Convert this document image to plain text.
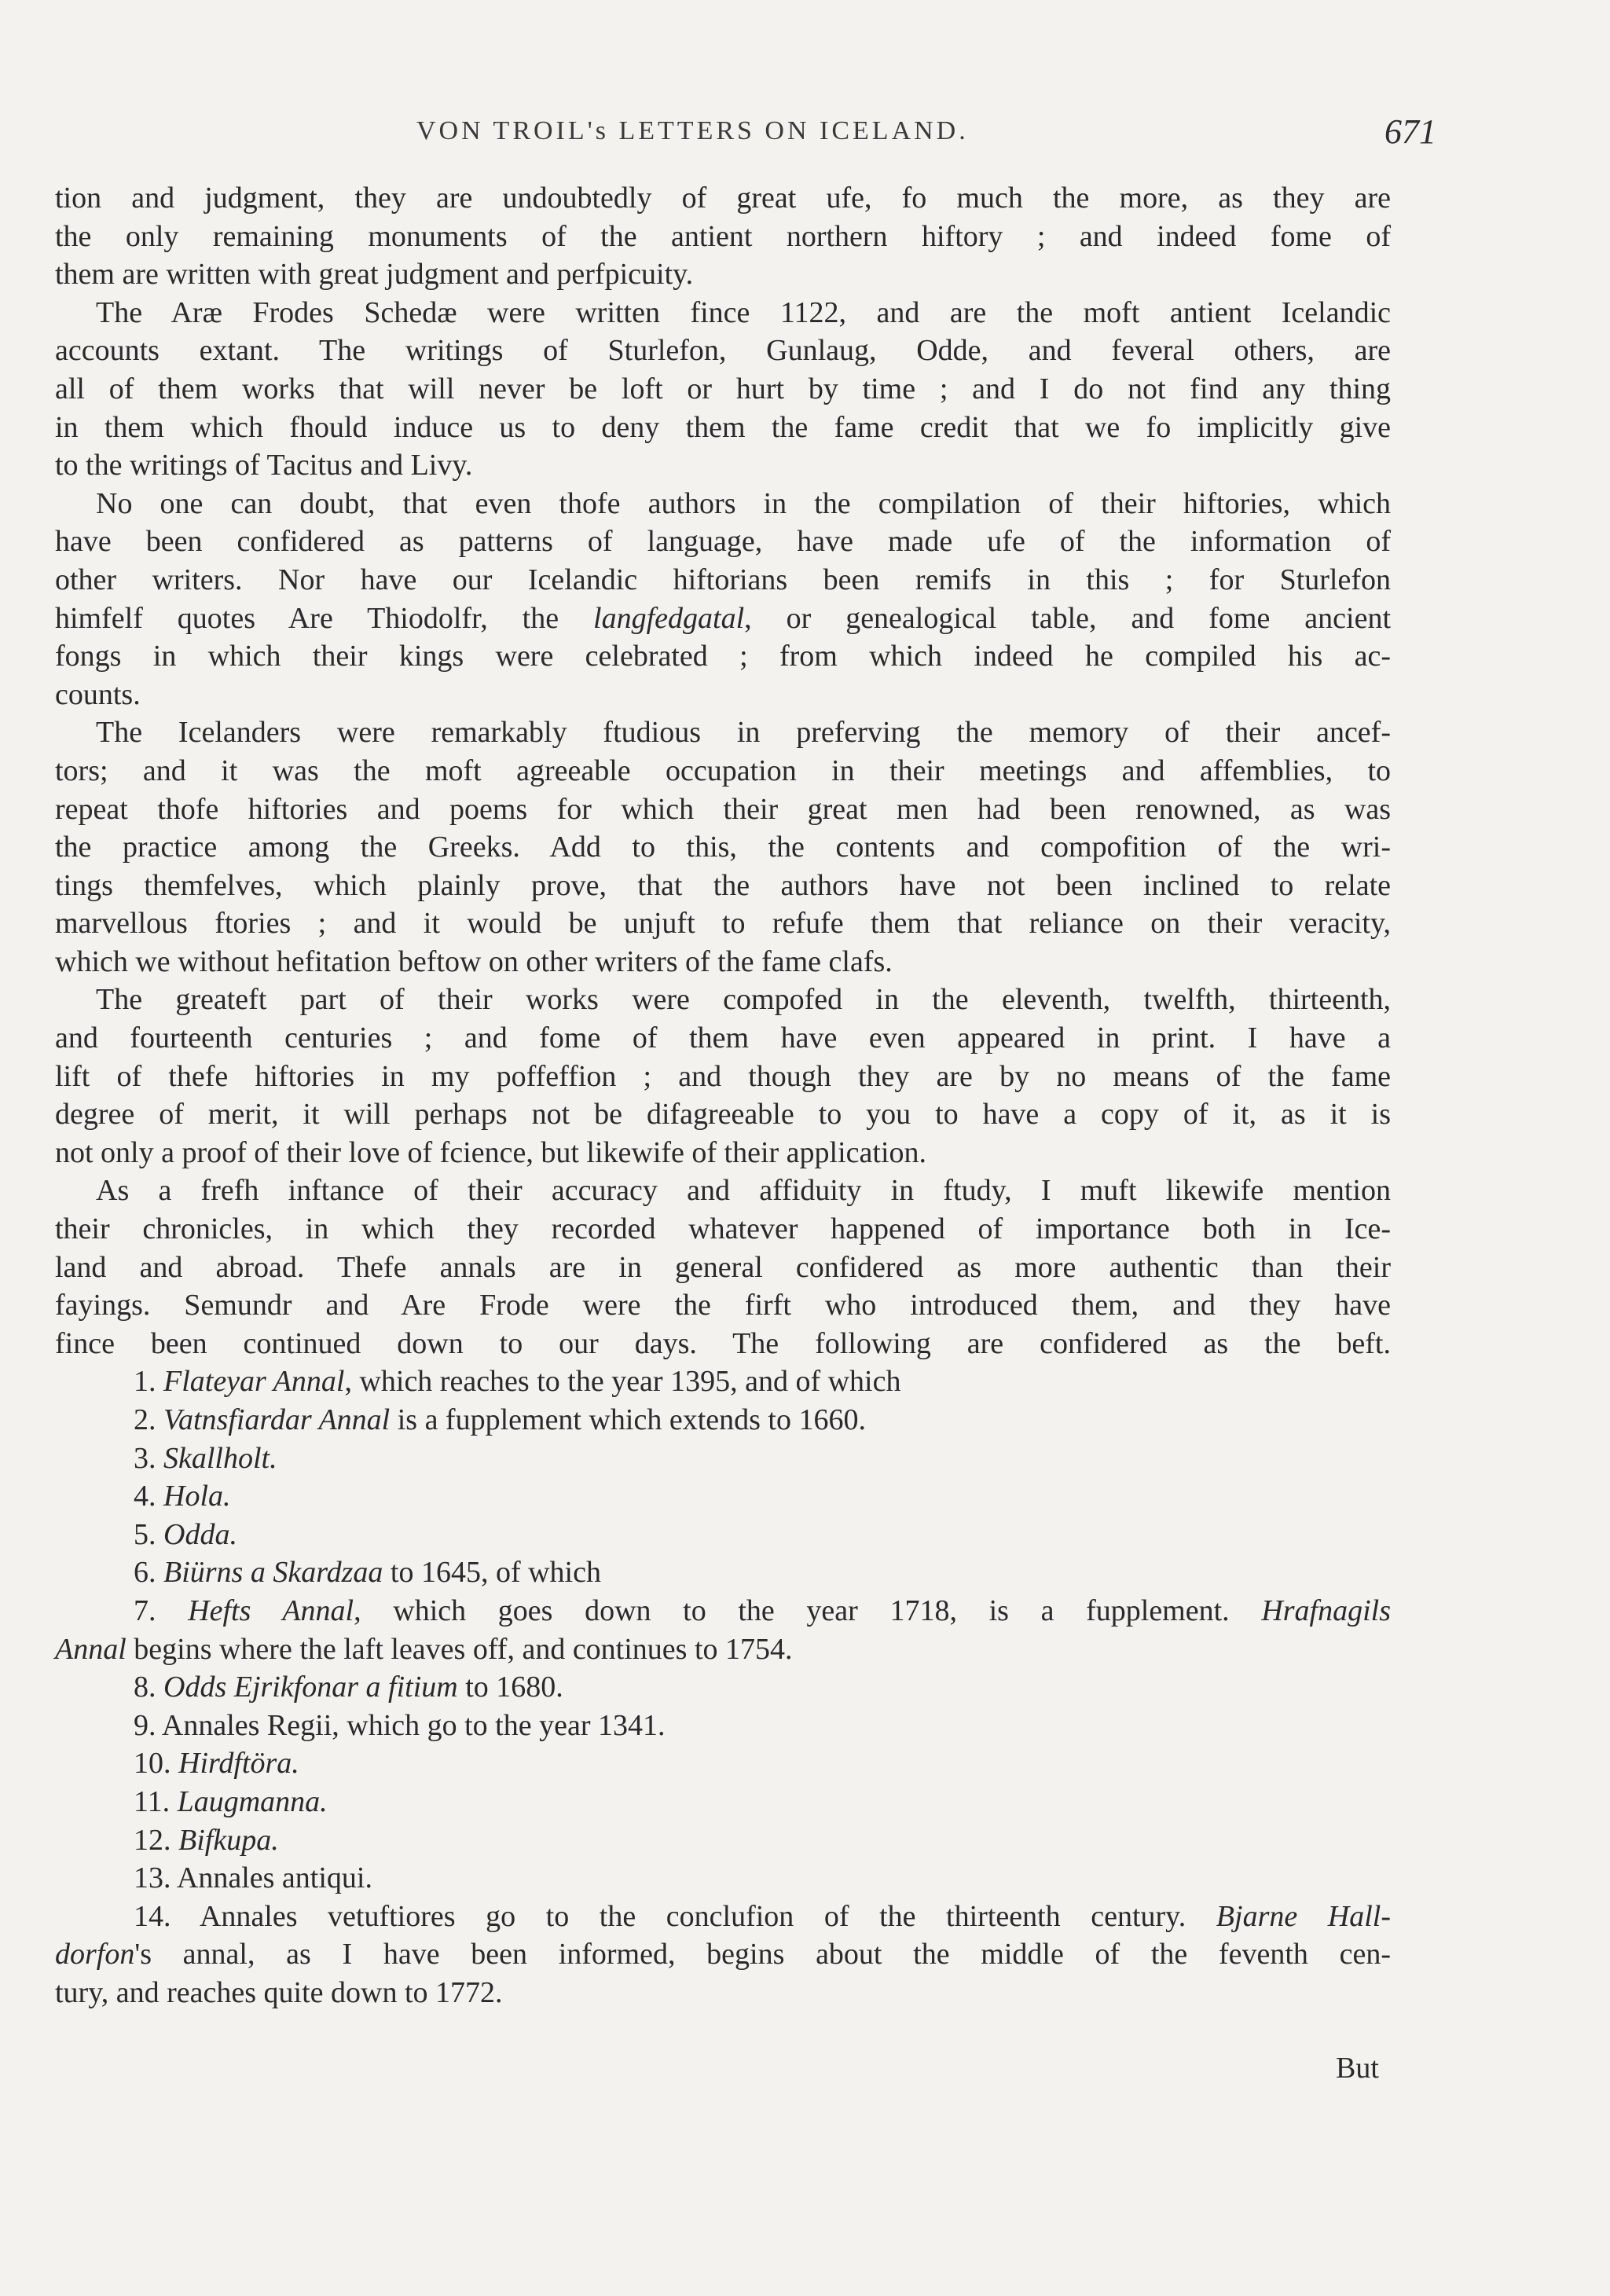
VON TROIL's LETTERS ON ICELAND.	671
tion and judgment, they are undoubtedly of great ufe, fo much the more, as they are
the only remaining monuments of the antient northern hiftory ; and indeed fome of
them are written with great judgment and perfpicuity.
The Aræ Frodes Schedæ were written fince 1122, and are the moft antient Icelandic
accounts extant. The writings of Sturlefon, Gunlaug, Odde, and feveral others, are
all of them works that will never be loft or hurt by time ; and I do not find any thing
in them which fhould induce us to deny them the fame credit that we fo implicitly give
to the writings of Tacitus and Livy.
No one can doubt, that even thofe authors in the compilation of their hiftories, which
have been confidered as patterns of language, have made ufe of the information of
other writers. Nor have our Icelandic hiftorians been remifs in this ; for Sturlefon
himfelf quotes Are Thiodolfr, the langfedgatal, or genealogical table, and fome ancient
fongs in which their kings were celebrated ; from which indeed he compiled his ac-
counts.
The Icelanders were remarkably ftudious in preferving the memory of their ancef-
tors; and it was the moft agreeable occupation in their meetings and affemblies, to
repeat thofe hiftories and poems for which their great men had been renowned, as was
the practice among the Greeks. Add to this, the contents and compofition of the wri-
tings themfelves, which plainly prove, that the authors have not been inclined to relate
marvellous ftories ; and it would be unjuft to refufe them that reliance on their veracity,
which we without hefitation beftow on other writers of the fame clafs.
The greateft part of their works were compofed in the eleventh, twelfth, thirteenth,
and fourteenth centuries ; and fome of them have even appeared in print. I have a
lift of thefe hiftories in my poffeffion ; and though they are by no means of the fame
degree of merit, it will perhaps not be difagreeable to you to have a copy of it, as it is
not only a proof of their love of fcience, but likewife of their application.
As a frefh inftance of their accuracy and affiduity in ftudy, I muft likewife mention
their chronicles, in which they recorded whatever happened of importance both in Ice-
land and abroad. Thefe annals are in general confidered as more authentic than their
fayings. Semundr and Are Frode were the firft who introduced them, and they have
fince been continued down to our days. The following are confidered as the beft.
1. Flateyar Annal, which reaches to the year 1395, and of which
2. Vatnsfiardar Annal is a fupplement which extends to 1660.
3. Skallholt.
4. Hola.
5. Odda.
6. Biürns a Skardzaa to 1645, of which
7. Hefts Annal, which goes down to the year 1718, is a fupplement. Hrafnagils
Annal begins where the laft leaves off, and continues to 1754.
8. Odds Ejrikfonar a fitium to 1680.
9. Annales Regii, which go to the year 1341.
10. Hirdftöra.
11. Laugmanna.
12. Bifkupa.
13. Annales antiqui.
14. Annales vetuftiores go to the conclufion of the thirteenth century. Bjarne Hall-
dorfon's annal, as I have been informed, begins about the middle of the feventh cen-
tury, and reaches quite down to 1772.
But
